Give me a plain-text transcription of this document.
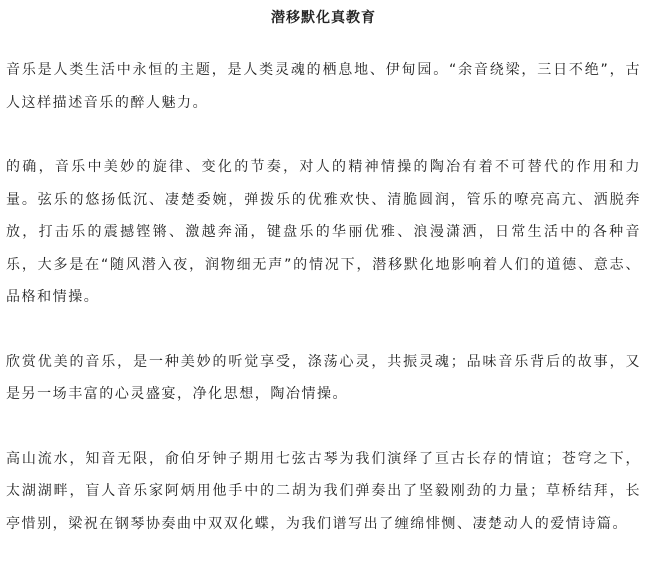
潜移默化真教育

音乐是人类生活中永恒的主题，是人类灵魂的栖息地、伊甸园。“余音绕梁，三日不绝”，古人这样描述音乐的醉人魅力。

的确，音乐中美妙的旋律、变化的节奏，对人的精神情操的陶冶有着不可替代的作用和力量。弦乐的悠扬低沉、凄楚委婉，弹拨乐的优雅欢快、清脆圆润，管乐的嘹亮高亢、洒脱奔放，打击乐的震撼铿锵、激越奔涌，键盘乐的华丽优雅、浪漫潇洒，日常生活中的各种音乐，大多是在“随风潜入夜，润物细无声”的情况下，潜移默化地影响着人们的道德、意志、品格和情操。

欣赏优美的音乐，是一种美妙的听觉享受，涤荡心灵，共振灵魂；品味音乐背后的故事，又是另一场丰富的心灵盛宴，净化思想，陶冶情操。

高山流水，知音无限，俞伯牙钟子期用七弦古琴为我们演绎了亘古长存的情谊；苍穹之下，太湖湖畔，盲人音乐家阿炳用他手中的二胡为我们弹奏出了坚毅刚劲的力量；草桥结拜，长亭惜别，梁祝在钢琴协奏曲中双双化蝶，为我们谱写出了缠绵悱恻、凄楚动人的爱情诗篇。
